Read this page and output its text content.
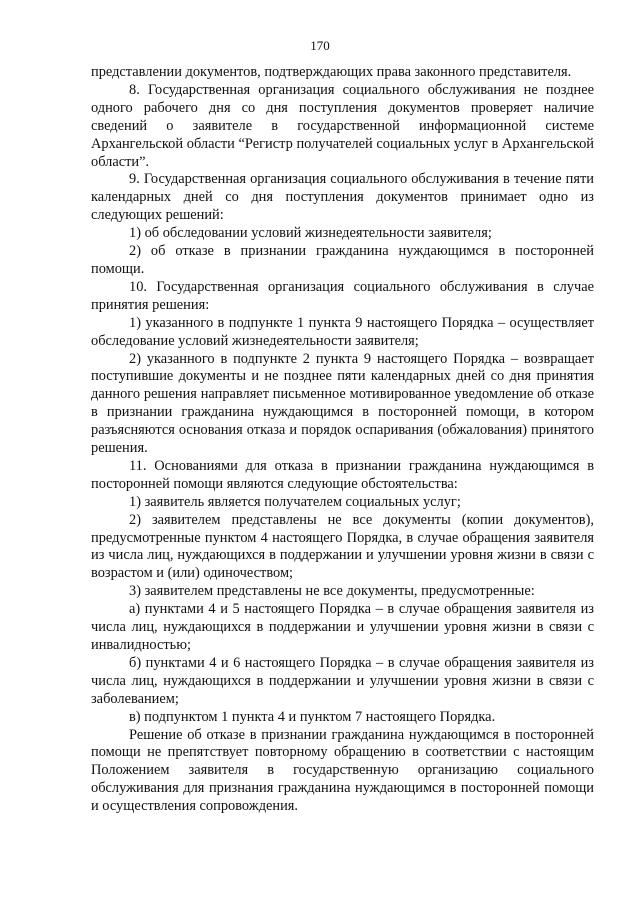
170

представлении документов, подтверждающих права законного представителя.

8. Государственная организация социального обслуживания не позднее одного рабочего дня со дня поступления документов проверяет наличие сведений о заявителе в государственной информационной системе Архангельской области “Регистр получателей социальных услуг в Архангельской области”.

9. Государственная организация социального обслуживания в течение пяти календарных дней со дня поступления документов принимает одно из следующих решений:

1) об обследовании условий жизнедеятельности заявителя;

2) об отказе в признании гражданина нуждающимся в посторонней помощи.

10. Государственная организация социального обслуживания в случае принятия решения:

1) указанного в подпункте 1 пункта 9 настоящего Порядка – осуществляет обследование условий жизнедеятельности заявителя;

2) указанного в подпункте 2 пункта 9 настоящего Порядка – возвращает поступившие документы и не позднее пяти календарных дней со дня принятия данного решения направляет письменное мотивированное уведомление об отказе в признании гражданина нуждающимся в посторонней помощи, в котором разъясняются основания отказа и порядок оспаривания (обжалования) принятого решения.

11. Основаниями для отказа в признании гражданина нуждающимся в посторонней помощи являются следующие обстоятельства:

1) заявитель является получателем социальных услуг;

2) заявителем представлены не все документы (копии документов), предусмотренные пунктом 4 настоящего Порядка, в случае обращения заявителя из числа лиц, нуждающихся в поддержании и улучшении уровня жизни в связи с возрастом и (или) одиночеством;

3) заявителем представлены не все документы, предусмотренные:

а) пунктами 4 и 5 настоящего Порядка – в случае обращения заявителя из числа лиц, нуждающихся в поддержании и улучшении уровня жизни в связи с инвалидностью;

б) пунктами 4 и 6 настоящего Порядка – в случае обращения заявителя из числа лиц, нуждающихся в поддержании и улучшении уровня жизни в связи с заболеванием;

в) подпунктом 1 пункта 4 и пунктом 7 настоящего Порядка.

Решение об отказе в признании гражданина нуждающимся в посторонней помощи не препятствует повторному обращению в соответствии с настоящим Положением заявителя в государственную организацию социального обслуживания для признания гражданина нуждающимся в посторонней помощи и осуществления сопровождения.
